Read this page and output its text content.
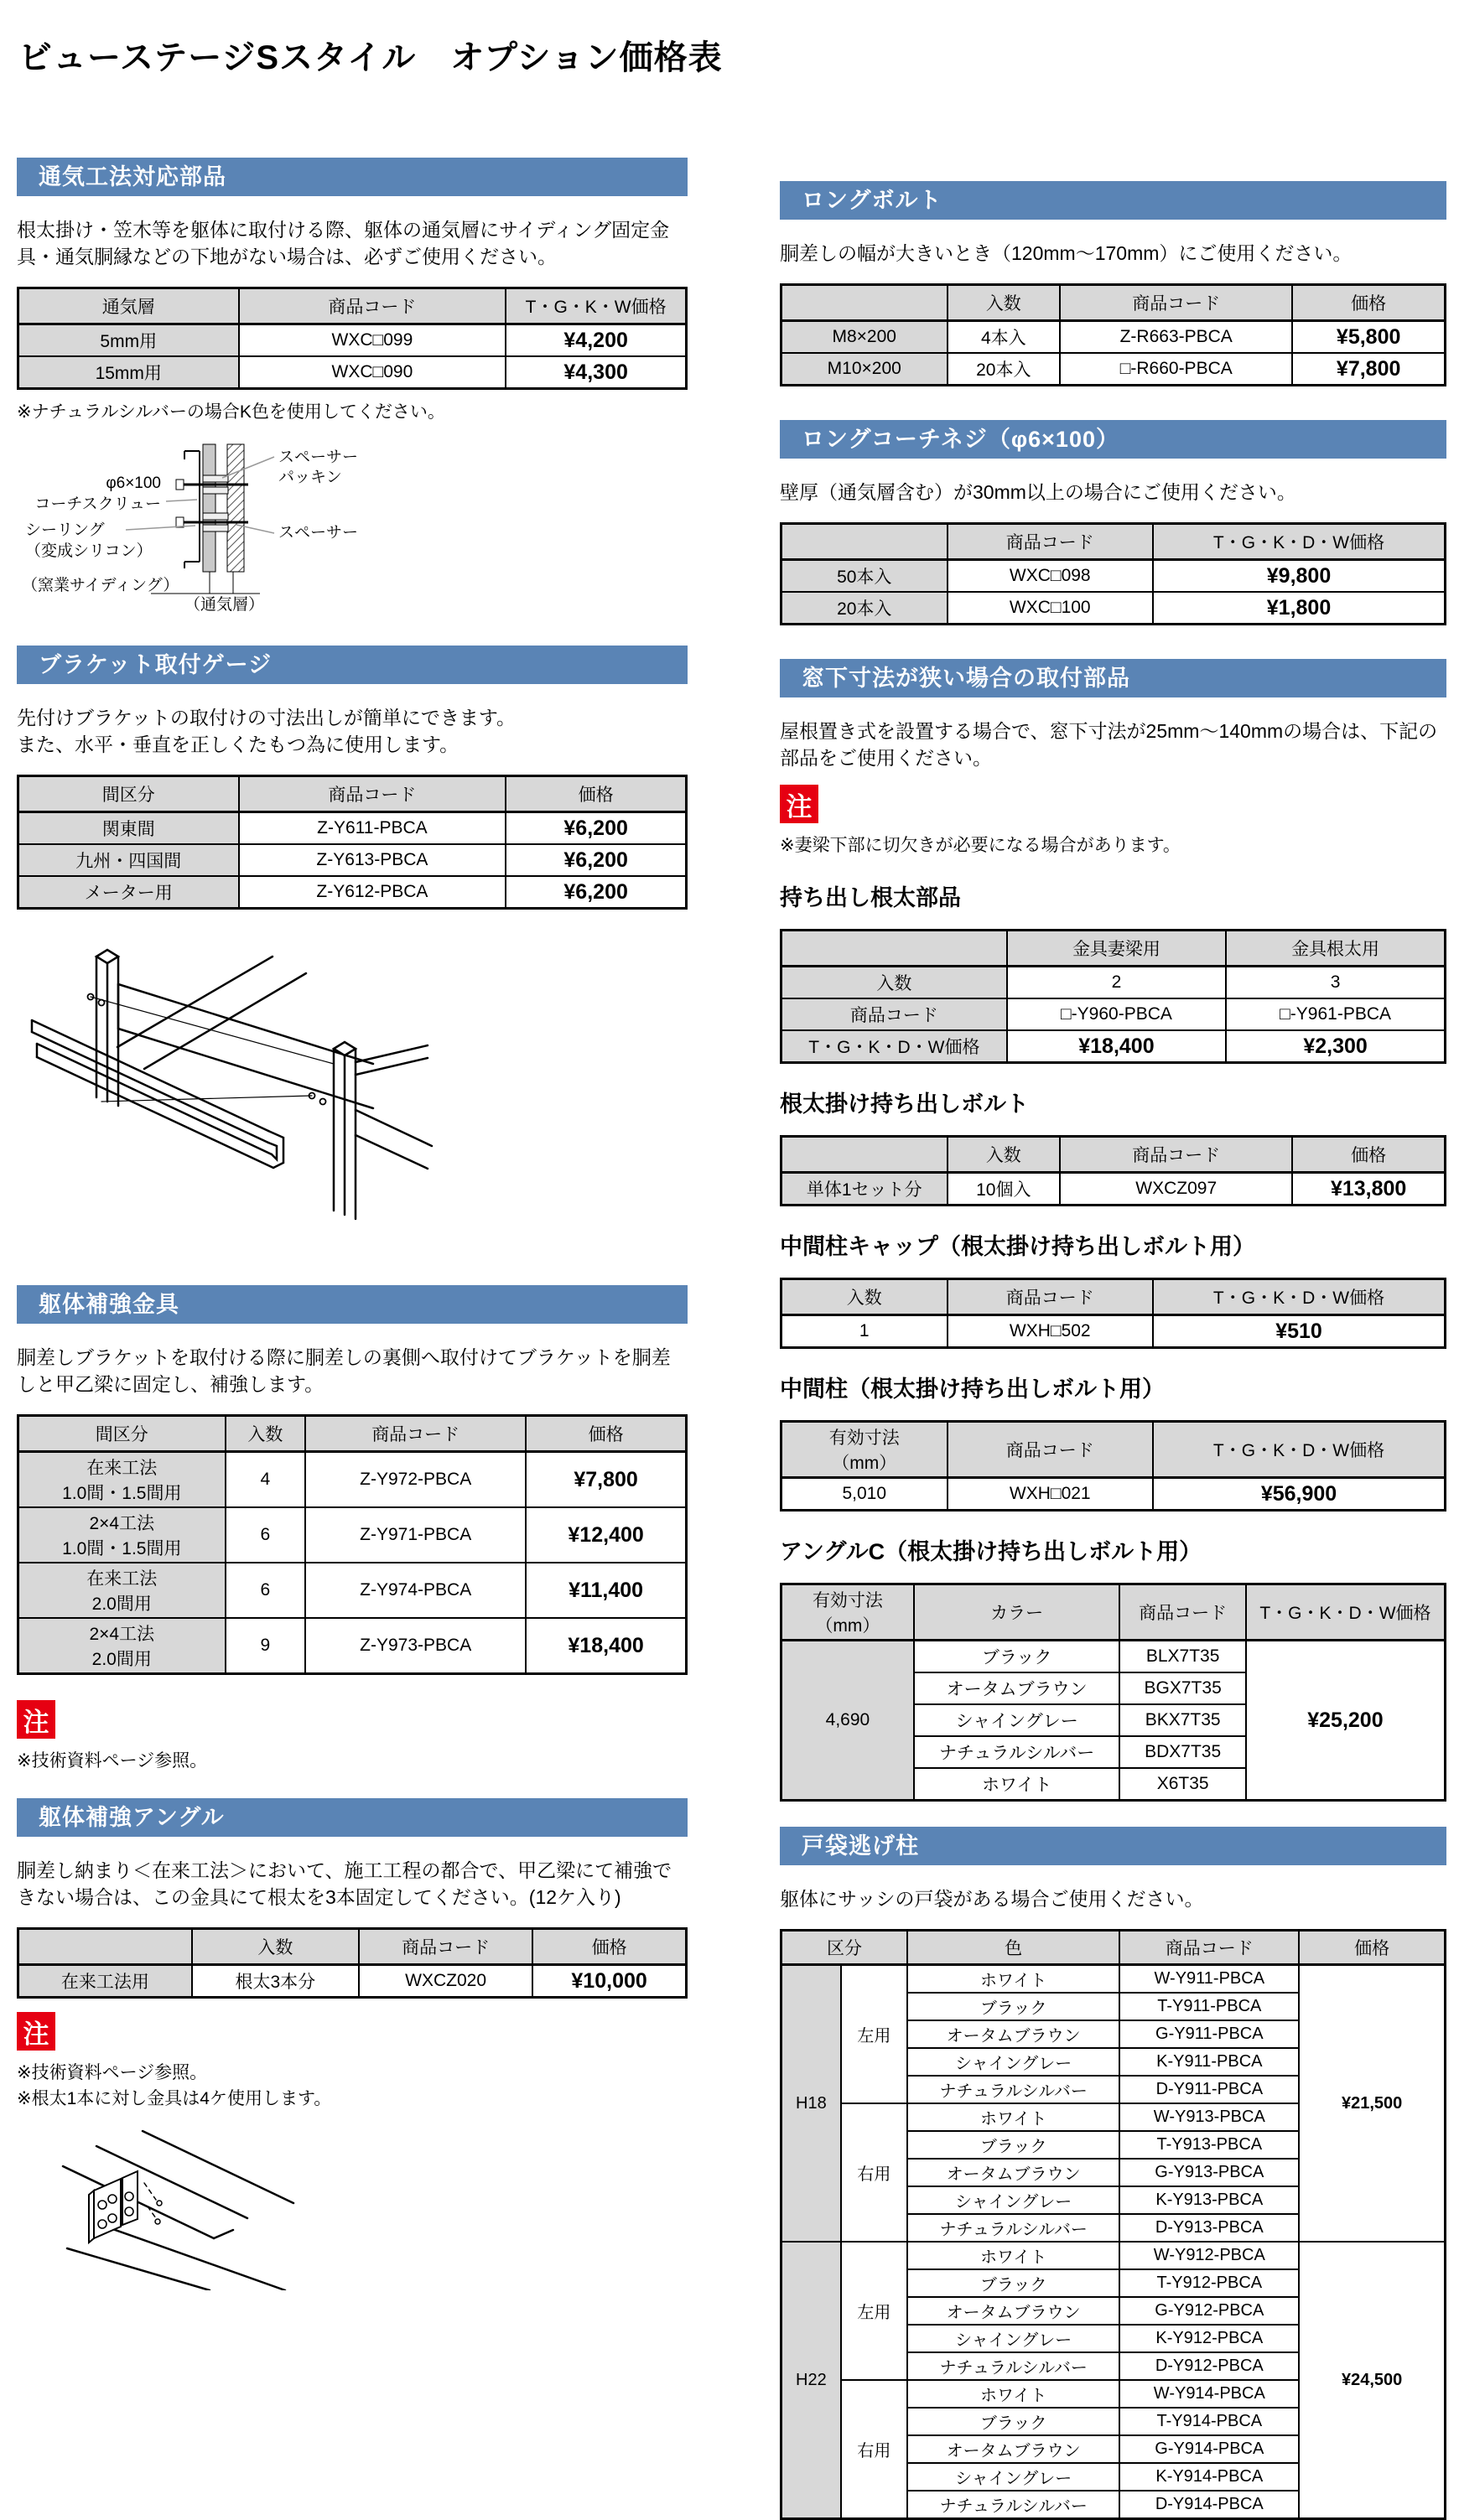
ビューステージSスタイル　オプション価格表
通気工法対応部品
根太掛け・笠木等を躯体に取付ける際、躯体の通気層にサイディング固定金具・通気胴縁などの下地がない場合は、必ずご使用ください。
通気層	商品コード	T・G・K・W価格
5mm用	WXC□099	¥4,200
15mm用	WXC□090	¥4,300
※ナチュラルシルバーの場合K色を使用してください。
スペーサー
パッキン
φ6×100
コーチスクリュー
シーリング
（変成シリコン）
（窯業サイディング）
スペーサー
（通気層）
ブラケット取付ゲージ
先付けブラケットの取付けの寸法出しが簡単にできます。
また、水平・垂直を正しくたもつ為に使用します。
間区分	商品コード	価格
関東間	Z-Y611-PBCA	¥6,200
九州・四国間	Z-Y613-PBCA	¥6,200
メーター用	Z-Y612-PBCA	¥6,200
躯体補強金具
胴差しブラケットを取付ける際に胴差しの裏側へ取付けてブラケットを胴差しと甲乙梁に固定し、補強します。
間区分	入数	商品コード	価格
在来工法
1.0間・1.5間用	4	Z-Y972-PBCA	¥7,800
2×4工法
1.0間・1.5間用	6	Z-Y971-PBCA	¥12,400
在来工法
2.0間用	6	Z-Y974-PBCA	¥11,400
2×4工法
2.0間用	9	Z-Y973-PBCA	¥18,400
注
※技術資料ページ参照。
躯体補強アングル
胴差し納まり＜在来工法＞において、施工工程の都合で、甲乙梁にて補強できない場合は、この金具にて根太を3本固定してください。(12ケ入り)
	入数	商品コード	価格
在来工法用	根太3本分	WXCZ020	¥10,000
注
※技術資料ページ参照。
※根太1本に対し金具は4ケ使用します。
ロングボルト
胴差しの幅が大きいとき（120mm～170mm）にご使用ください。
	入数	商品コード	価格
M8×200	4本入	Z-R663-PBCA	¥5,800
M10×200	20本入	□-R660-PBCA	¥7,800
ロングコーチネジ（φ6×100）
壁厚（通気層含む）が30mm以上の場合にご使用ください。
	商品コード	T・G・K・D・W価格
50本入	WXC□098	¥9,800
20本入	WXC□100	¥1,800
窓下寸法が狭い場合の取付部品
屋根置き式を設置する場合で、窓下寸法が25mm～140mmの場合は、下記の部品をご使用ください。
注
※妻梁下部に切欠きが必要になる場合があります。
持ち出し根太部品
	金具妻梁用	金具根太用
入数	2	3
商品コード	□-Y960-PBCA	□-Y961-PBCA
T・G・K・D・W価格	¥18,400	¥2,300
根太掛け持ち出しボルト
	入数	商品コード	価格
単体1セット分	10個入	WXCZ097	¥13,800
中間柱キャップ（根太掛け持ち出しボルト用）
入数	商品コード	T・G・K・D・W価格
1	WXH□502	¥510
中間柱（根太掛け持ち出しボルト用）
有効寸法
（mm）	商品コード	T・G・K・D・W価格
5,010	WXH□021	¥56,900
アングルC（根太掛け持ち出しボルト用）
有効寸法（mm）	カラー	商品コード	T・G・K・D・W価格
4,690	ブラック	BLX7T35	¥25,200
	オータムブラウン	BGX7T35	
	シャイングレー	BKX7T35	
	ナチュラルシルバー	BDX7T35	
	ホワイト	X6T35	
戸袋逃げ柱
躯体にサッシの戸袋がある場合ご使用ください。
区分		色	商品コード	価格
H18	左用	ホワイト	W-Y911-PBCA	¥21,500
		ブラック	T-Y911-PBCA	
		オータムブラウン	G-Y911-PBCA	
		シャイングレー	K-Y911-PBCA	
		ナチュラルシルバー	D-Y911-PBCA	
	右用	ホワイト	W-Y913-PBCA	
		ブラック	T-Y913-PBCA	
		オータムブラウン	G-Y913-PBCA	
		シャイングレー	K-Y913-PBCA	
		ナチュラルシルバー	D-Y913-PBCA	
H22	左用	ホワイト	W-Y912-PBCA	¥24,500
		ブラック	T-Y912-PBCA	
		オータムブラウン	G-Y912-PBCA	
		シャイングレー	K-Y912-PBCA	
		ナチュラルシルバー	D-Y912-PBCA	
	右用	ホワイト	W-Y914-PBCA	
		ブラック	T-Y914-PBCA	
		オータムブラウン	G-Y914-PBCA	
		シャイングレー	K-Y914-PBCA	
		ナチュラルシルバー	D-Y914-PBCA	
